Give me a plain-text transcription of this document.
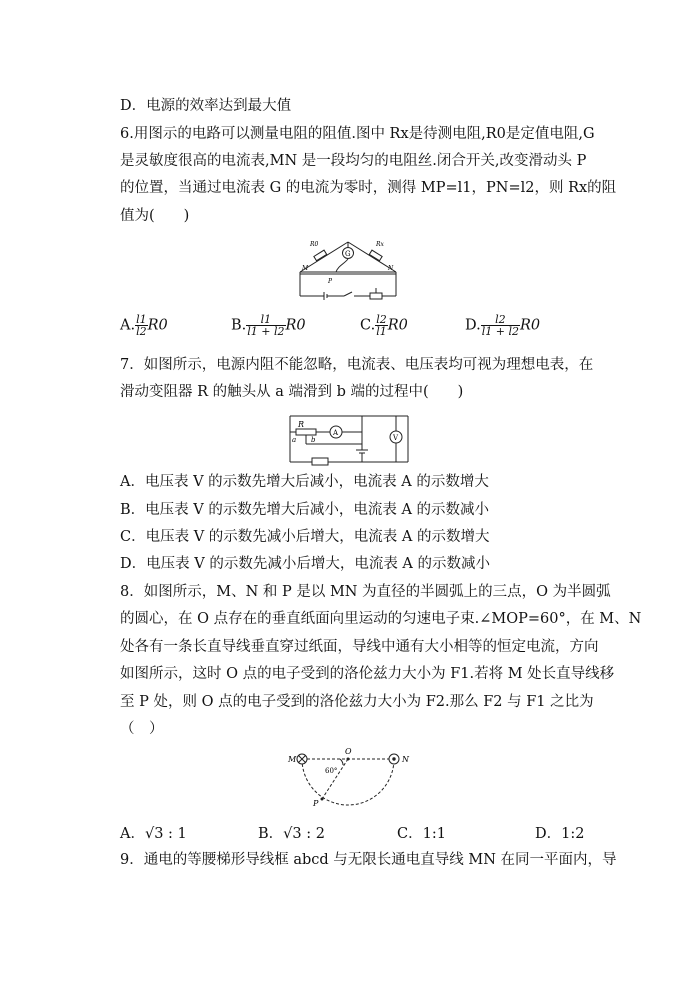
D．电源的效率达到最大值
6.用图示的电路可以测量电阻的阻值.图中 Rx是待测电阻,R0是定值电阻,G
是灵敏度很高的电流表,MN 是一段均匀的电阻丝.闭合开关,改变滑动头 P
的位置，当通过电流表 G 的电流为零时，测得 MP=l1，PN=l2，则 Rx的阻
值为(　　)
R0
G
Rx
M	N
P
A. $\frac{l1}{l2} R0$	B. $\frac{l1}{l1 + l2} R0$	C. $\frac{l2}{l1} R0$	D. $\frac{l2}{l1 + l2} R0$
7．如图所示，电源内阻不能忽略，电流表、电压表均可视为理想电表，在
滑动变阻器 R 的触头从 a 端滑到 b 端的过程中(　　)
R
a b
A
V
A．电压表 V 的示数先增大后减小，电流表 A 的示数增大
B．电压表 V 的示数先增大后减小，电流表 A 的示数减小
C．电压表 V 的示数先减小后增大，电流表 A 的示数增大
D．电压表 V 的示数先减小后增大，电流表 A 的示数减小
8．如图所示，M、N 和 P 是以 MN 为直径的半圆弧上的三点，O 为半圆弧
的圆心，在 O 点存在的垂直纸面向里运动的匀速电子束.∠MOP=60°，在 M、N
处各有一条长直导线垂直穿过纸面，导线中通有大小相等的恒定电流，方向
如图所示，这时 O 点的电子受到的洛伦兹力大小为 F1.若将 M 处长直导线移
至 P 处，则 O 点的电子受到的洛伦兹力大小为 F2.那么 F2 与 F1 之比为
（　）
M
O
60°
N
P
A．√3 : 1	B．√3 : 2	C．1:1	D．1:2
9．通电的等腰梯形导线框 abcd 与无限长通电直导线 MN 在同一平面内，导
